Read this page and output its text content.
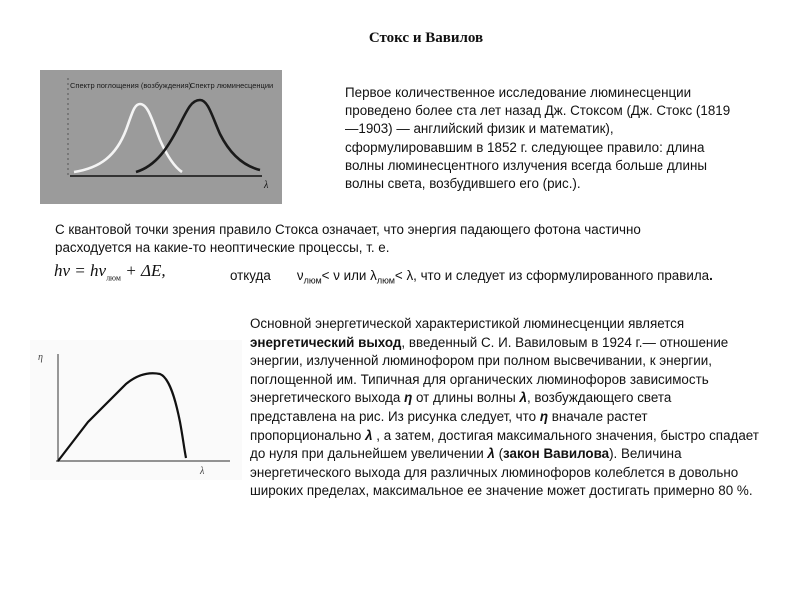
Стокс и Вавилов
Спектр поглощения (возбуждения)
Спектр люминесценции
λ
Первое количественное исследование люминесценции проведено более ста лет назад Дж. Стоксом (Дж. Стокс (1819—1903) — английский физик и математик), сформулировавшим в 1852 г. следующее правило: длина волны люминесцентного излучения всегда больше длины волны света, возбудившего его (рис.).
С квантовой точки зрения правило Стокса означает, что энергия падающего фотона частично расходуется на какие-то неоптические процессы, т. е.
$h\nu = h\nu_{люм} + \Delta E$,	откуда $\nu_{люм}< \nu$ или $\lambda_{люм}< \lambda$, что и следует из сформулированного правила.
η
λ
Основной энергетической характеристикой люминесценции является энергетический выход, введенный С. И. Вавиловым в 1924 г.— отношение энергии, излученной люминофором при полном высвечивании, к энергии, поглощенной им. Типичная для органических люминофоров зависимость энергетического выхода η от длины волны λ, возбуждающего света представлена на рис. Из рисунка следует, что η вначале растет пропорционально λ , а затем, достигая максимального значения, быстро спадает до нуля при дальнейшем увеличении λ (закон Вавилова). Величина энергетического выхода для различных люминофоров колеблется в довольно широких пределах, максимальное ее значение может достигать примерно 80 %.
